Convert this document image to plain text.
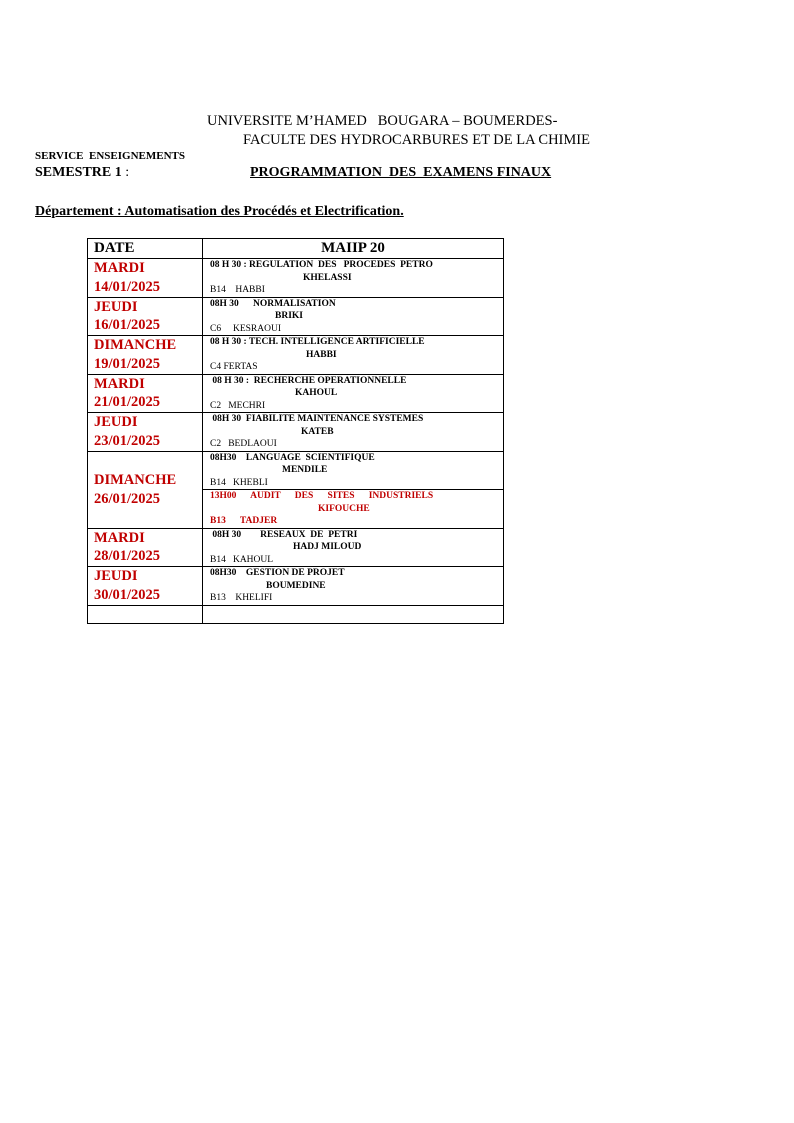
UNIVERSITE M’HAMED   BOUGARA – BOUMERDES-
FACULTE DES HYDROCARBURES ET DE LA CHIMIE
SERVICE  ENSEIGNEMENTS
SEMESTRE 1 :	PROGRAMMATION  DES  EXAMENS FINAUX
Département : Automatisation des Procédés et Electrification.
DATE	MAIIP 20

MARDI
14/01/2025	08 H 30 : REGULATION  DES   PROCEDES  PETRO
KHELASSI
B14    HABBI

JEUDI
16/01/2025	08H 30      NORMALISATION
BRIKI
C6     KESRAOUI

DIMANCHE
19/01/2025	08 H 30 : TECH. INTELLIGENCE ARTIFICIELLE
HABBI
C4 FERTAS

MARDI
21/01/2025	08 H 30 :  RECHERCHE OPERATIONNELLE
KAHOUL
C2   MECHRI

JEUDI
23/01/2025	08H 30  FIABILITE MAINTENANCE SYSTEMES
KATEB
C2   BEDLAOUI

DIMANCHE
26/01/2025	08H30    LANGUAGE  SCIENTIFIQUE
MENDILE
B14   KHEBLI

	13H00      AUDIT      DES      SITES      INDUSTRIELS
KIFOUCHE
B13      TADJER

MARDI
28/01/2025	08H 30        RESEAUX  DE  PETRI
HADJ MILOUD
B14   KAHOUL

JEUDI
30/01/2025	08H30    GESTION DE PROJET
BOUMEDINE
B13    KHELIFI
